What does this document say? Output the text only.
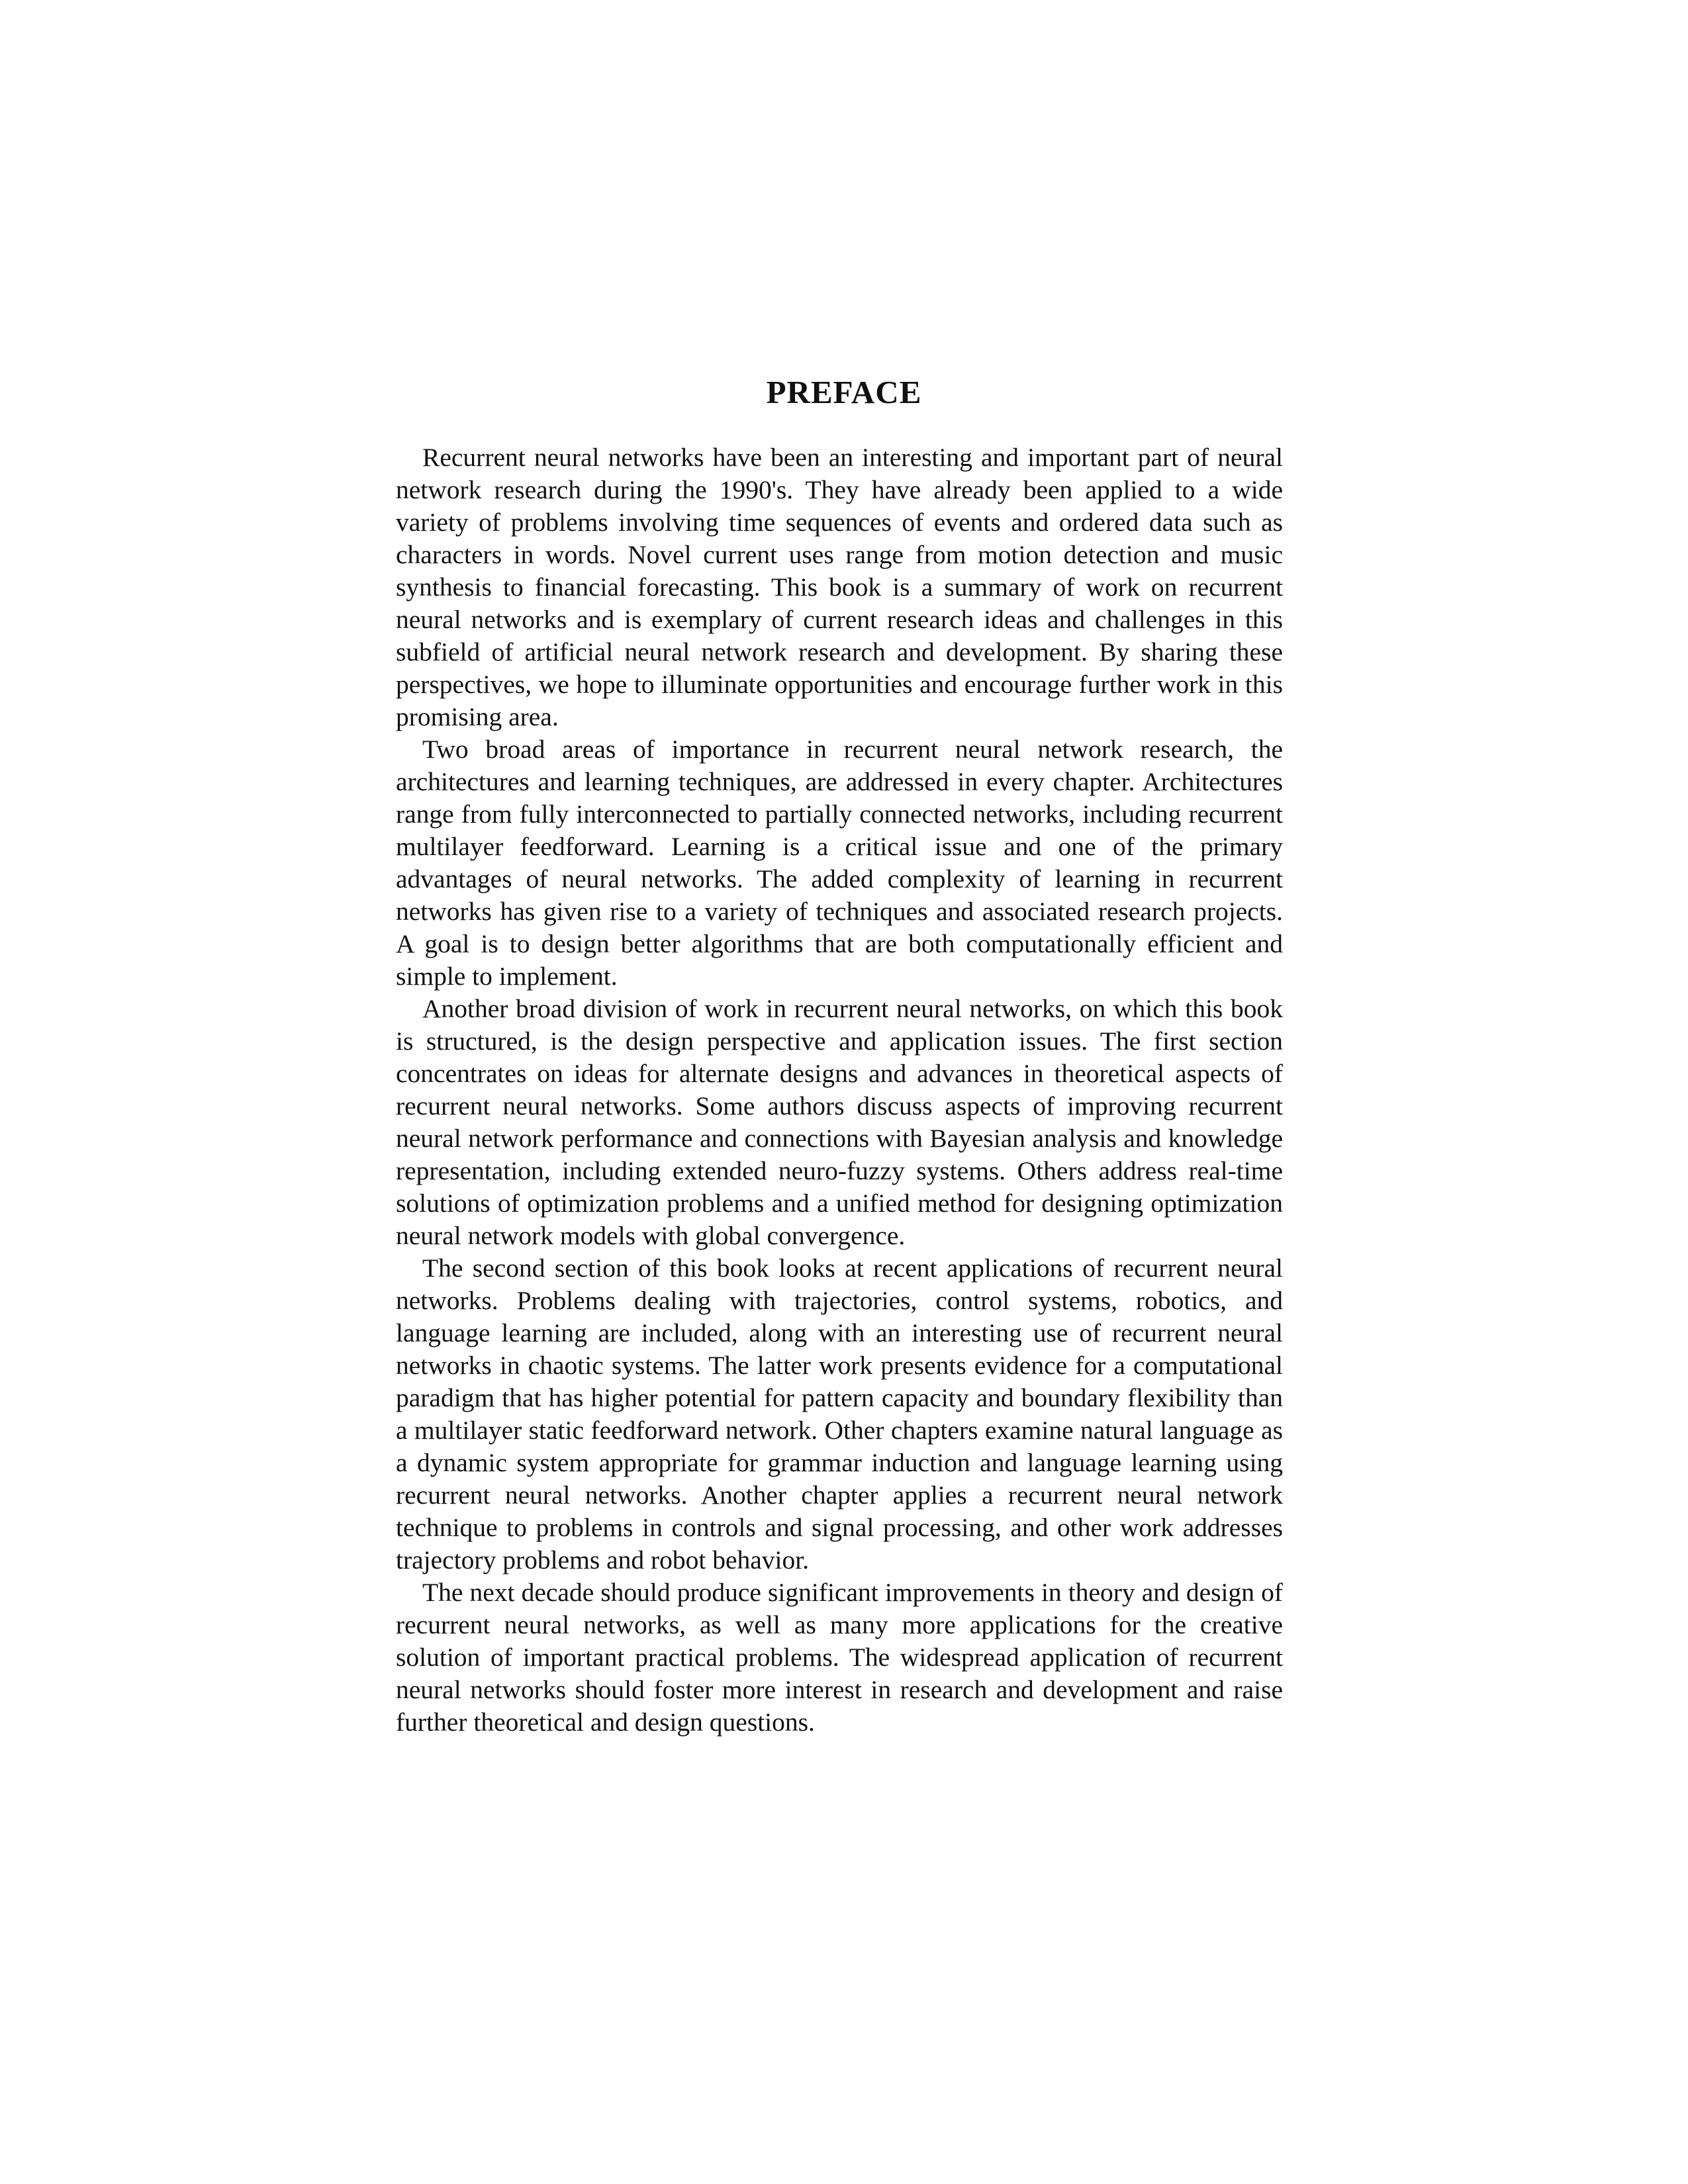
PREFACE

Recurrent neural networks have been an interesting and important part of neural network research during the 1990's. They have already been applied to a wide variety of problems involving time sequences of events and ordered data such as characters in words. Novel current uses range from motion detection and music synthesis to financial forecasting. This book is a summary of work on recurrent neural networks and is exemplary of current research ideas and challenges in this subfield of artificial neural network research and development. By sharing these perspectives, we hope to illuminate opportunities and encourage further work in this promising area.

Two broad areas of importance in recurrent neural network research, the architectures and learning techniques, are addressed in every chapter. Architectures range from fully interconnected to partially connected networks, including recurrent multilayer feedforward. Learning is a critical issue and one of the primary advantages of neural networks. The added complexity of learning in recurrent networks has given rise to a variety of techniques and associated research projects. A goal is to design better algorithms that are both computationally efficient and simple to implement.

Another broad division of work in recurrent neural networks, on which this book is structured, is the design perspective and application issues. The first section concentrates on ideas for alternate designs and advances in theoretical aspects of recurrent neural networks. Some authors discuss aspects of improving recurrent neural network performance and connections with Bayesian analysis and knowledge representation, including extended neuro-fuzzy systems. Others address real-time solutions of optimization problems and a unified method for designing optimization neural network models with global convergence.

The second section of this book looks at recent applications of recurrent neural networks. Problems dealing with trajectories, control systems, robotics, and language learning are included, along with an interesting use of recurrent neural networks in chaotic systems. The latter work presents evidence for a computational paradigm that has higher potential for pattern capacity and boundary flexibility than a multilayer static feedforward network. Other chapters examine natural language as a dynamic system appropriate for grammar induction and language learning using recurrent neural networks. Another chapter applies a recurrent neural network technique to problems in controls and signal processing, and other work addresses trajectory problems and robot behavior.

The next decade should produce significant improvements in theory and design of recurrent neural networks, as well as many more applications for the creative solution of important practical problems. The widespread application of recurrent neural networks should foster more interest in research and development and raise further theoretical and design questions.
